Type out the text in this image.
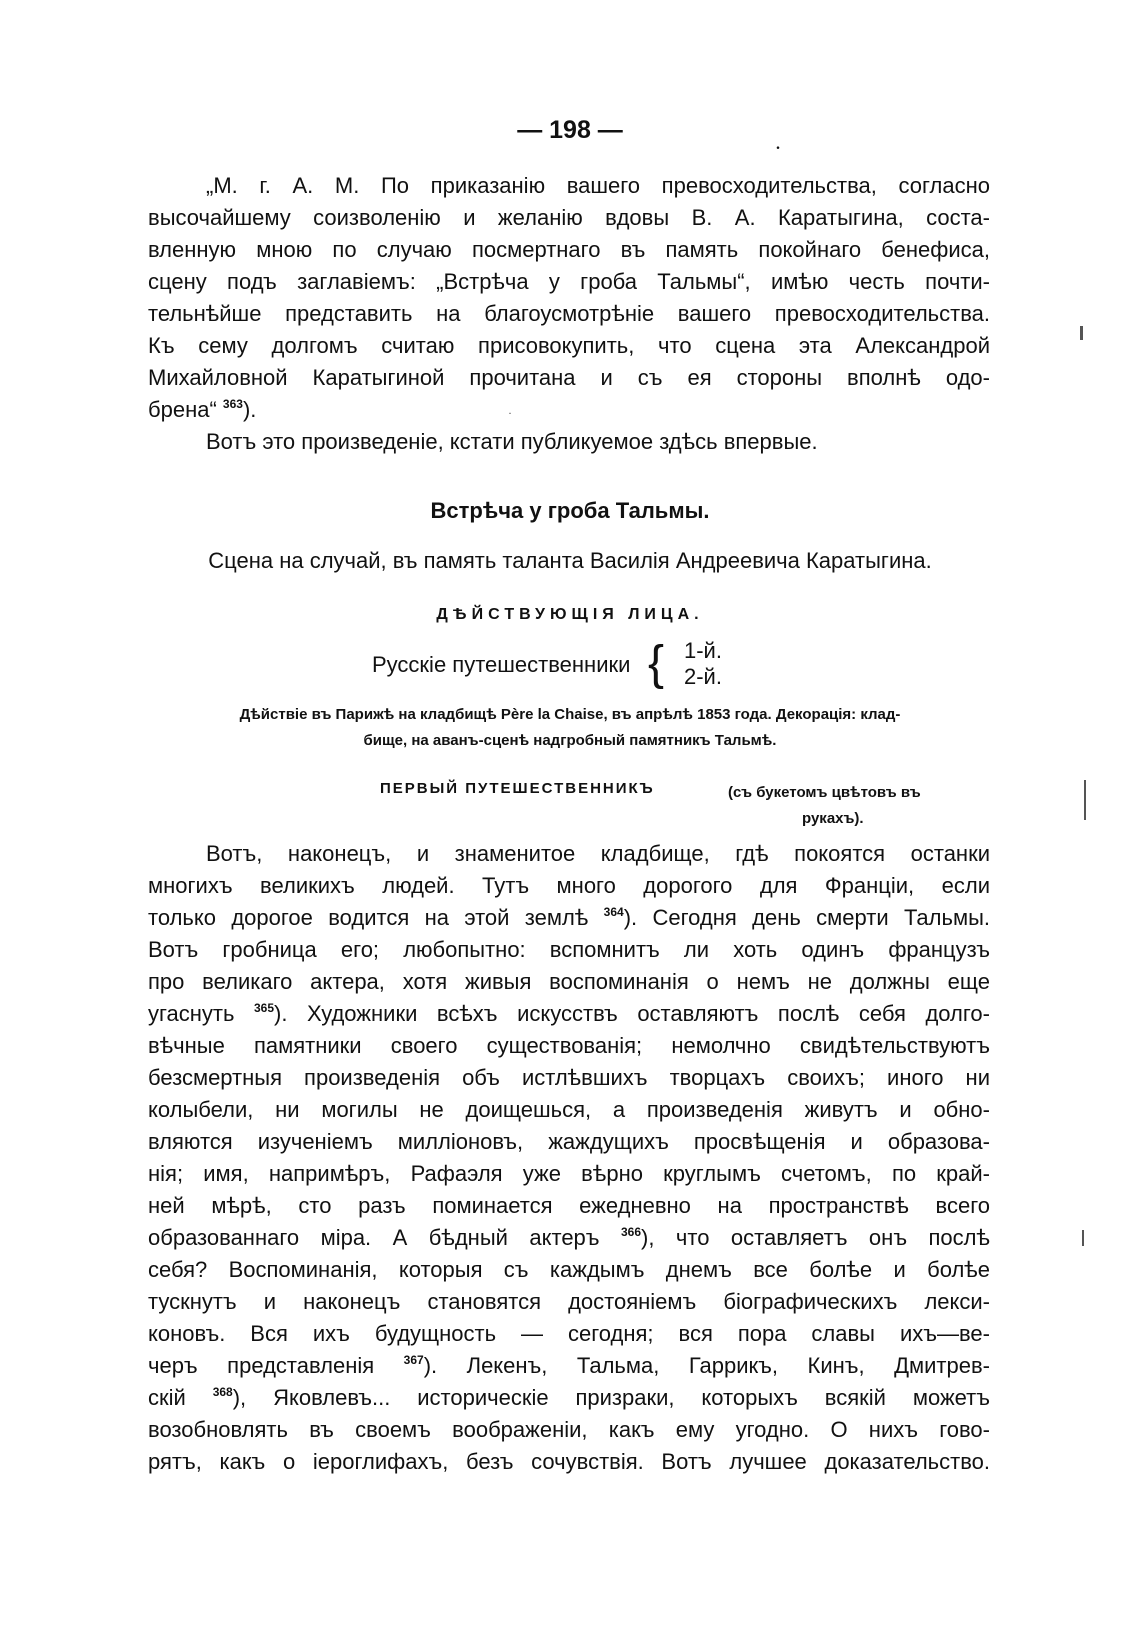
— 198 —
.
·
„М. г. А. М. По приказанію вашего превосходительства, согласно
высочайшему соизволенію и желанію вдовы В. А. Каратыгина, соста-
вленную мною по случаю посмертнаго въ память покойнаго бенефиса,
сцену подъ заглавіемъ: „Встрѣча у гроба Тальмы“, имѣю честь почти-
тельнѣйше представить на благоусмотрѣніе вашего превосходительства.
Къ сему долгомъ считаю присовокупить, что сцена эта Александрой
Михайловной Каратыгиной прочитана и съ ея стороны вполнѣ одо-
брена“ $^{363}$).
Вотъ это произведеніе, кстати публикуемое здѣсь впервые.
Встрѣча у гроба Тальмы.
Сцена на случай, въ память таланта Василія Андреевича Каратыгина.
ДѢЙСТВУЮЩІЯ ЛИЦА.
Русскіе путешественники { 1-й.
2-й.
Дѣйствіе въ Парижѣ на кладбищѣ Père la Chaise, въ апрѣлѣ 1853 года. Декорація: клад-
бище, на аванъ-сценѣ надгробный памятникъ Тальмѣ.
ПЕРВЫЙ ПУТЕШЕСТВЕННИКЪ	(съ букетомъ цвѣтовъ въ
рукахъ).
Вотъ, наконецъ, и знаменитое кладбище, гдѣ покоятся останки
многихъ великихъ людей. Тутъ много дорогого для Франціи, если
только дорогое водится на этой землѣ $^{364}$). Сегодня день смерти Тальмы.
Вотъ гробница его; любопытно: вспомнитъ ли хоть одинъ французъ
про великаго актера, хотя живыя воспоминанія о немъ не должны еще
угаснуть $^{365}$). Художники всѣхъ искусствъ оставляютъ послѣ себя долго-
вѣчные памятники своего существованія; немолчно свидѣтельствуютъ
безсмертныя произведенія объ истлѣвшихъ творцахъ своихъ; иного ни
колыбели, ни могилы не доищешься, а произведенія живутъ и обно-
вляются изученіемъ милліоновъ, жаждущихъ просвѣщенія и образова-
нія; имя, напримѣръ, Рафаэля уже вѣрно круглымъ счетомъ, по край-
ней мѣрѣ, сто разъ поминается ежедневно на пространствѣ всего
образованнаго міра. А бѣдный актеръ $^{366}$), что оставляетъ онъ послѣ
себя? Воспоминанія, которыя съ каждымъ днемъ все болѣе и болѣе
тускнутъ и наконецъ становятся достояніемъ біографическихъ лекси-
коновъ. Вся ихъ будущность — сегодня; вся пора славы ихъ—ве-
черъ представленія $^{367}$). Лекенъ, Тальма, Гаррикъ, Кинъ, Дмитрев-
скій $^{368}$), Яковлевъ... историческіе призраки, которыхъ всякій можетъ
возобновлять въ своемъ воображеніи, какъ ему угодно. О нихъ гово-
рятъ, какъ о іероглифахъ, безъ сочувствія. Вотъ лучшее доказательство.
